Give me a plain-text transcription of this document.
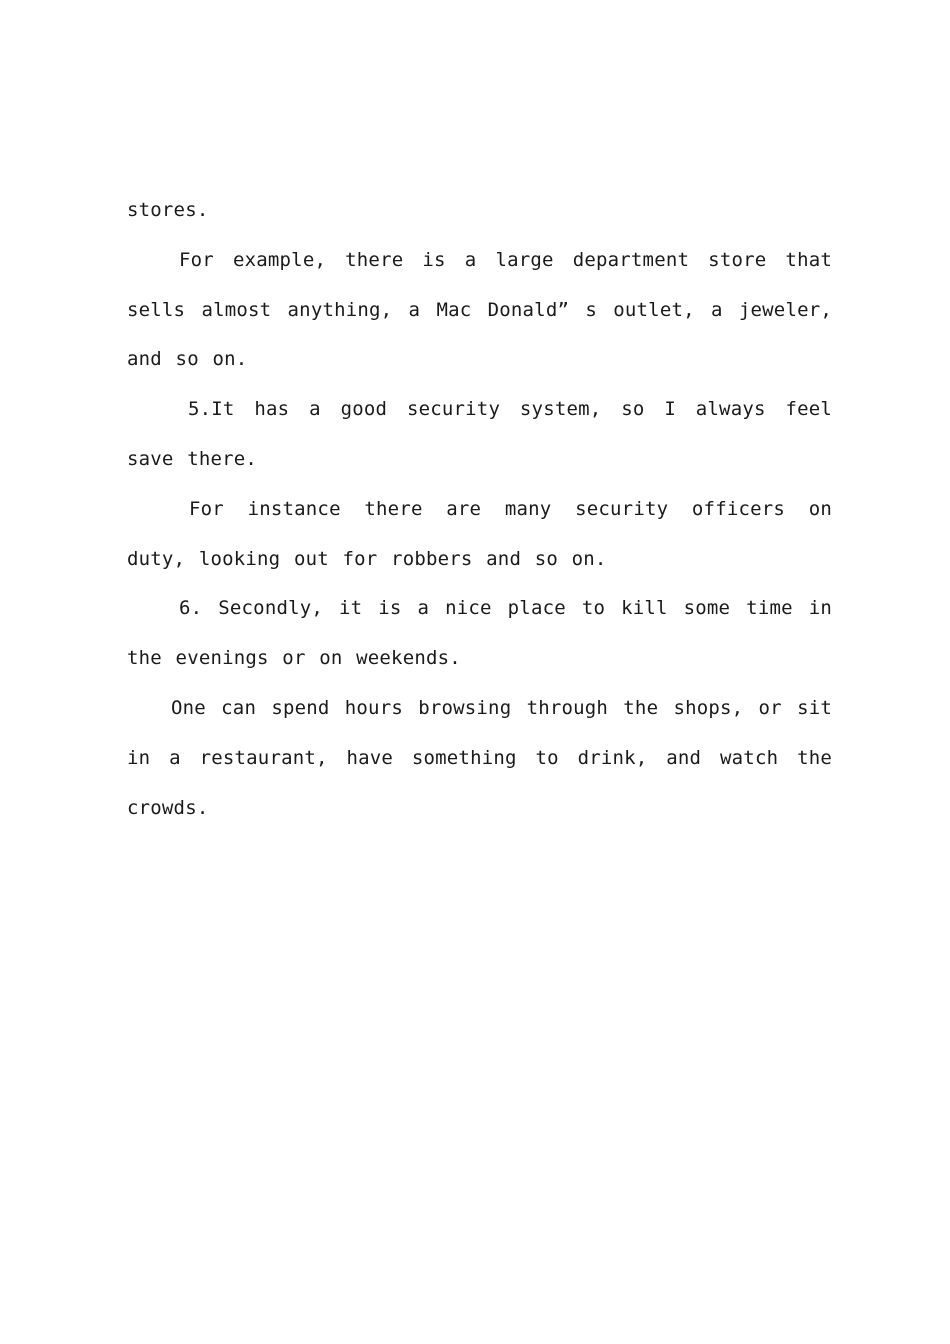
stores.

For example, there is a large department store that sells almost anything, a Mac Donald” s outlet, a jeweler, and so on.

5.It has a good security system, so I always feel save there.

For instance there are many security officers on duty, looking out for robbers and so on.

6. Secondly, it is a nice place to kill some time in the evenings or on weekends.

One can spend hours browsing through the shops, or sit in a restaurant, have something to drink, and watch the crowds.
